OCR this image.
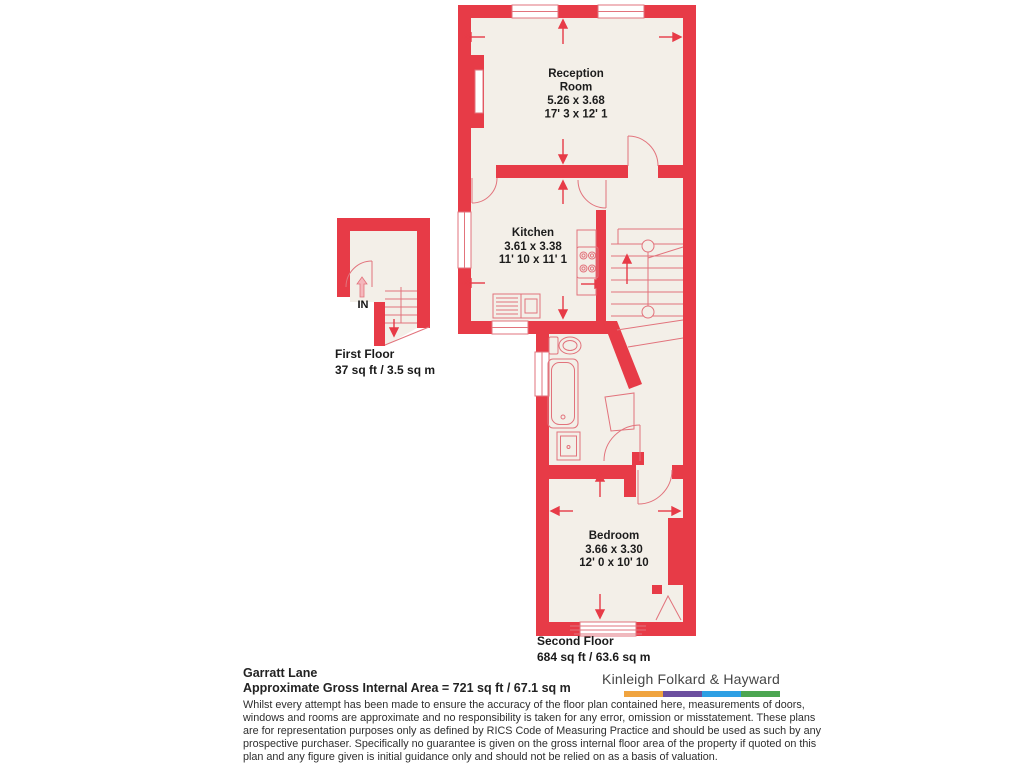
Reception
Room
5.26 x 3.68
17' 3 x 12' 1
Kitchen
3.61 x 3.38
11' 10 x 11' 1
Bedroom
3.66 x 3.30
12' 0 x 10' 10
IN
First Floor
37 sq ft / 3.5 sq m
Second Floor
684 sq ft / 63.6 sq m
Garratt Lane
Approximate Gross Internal Area = 721 sq ft / 67.1 sq m
Whilst every attempt has been made to ensure the accuracy of the floor plan contained here, measurements of doors,
windows and rooms are approximate and no responsibility is taken for any error, omission or misstatement. These plans
are for representation purposes only as defined by RICS Code of Measuring Practice and should be used as such by any
prospective purchaser. Specifically no guarantee is given on the gross internal floor area of the property if quoted on this
plan and any figure given is initial guidance only and should not be relied on as a basis of valuation.
Kinleigh Folkard & Hayward
